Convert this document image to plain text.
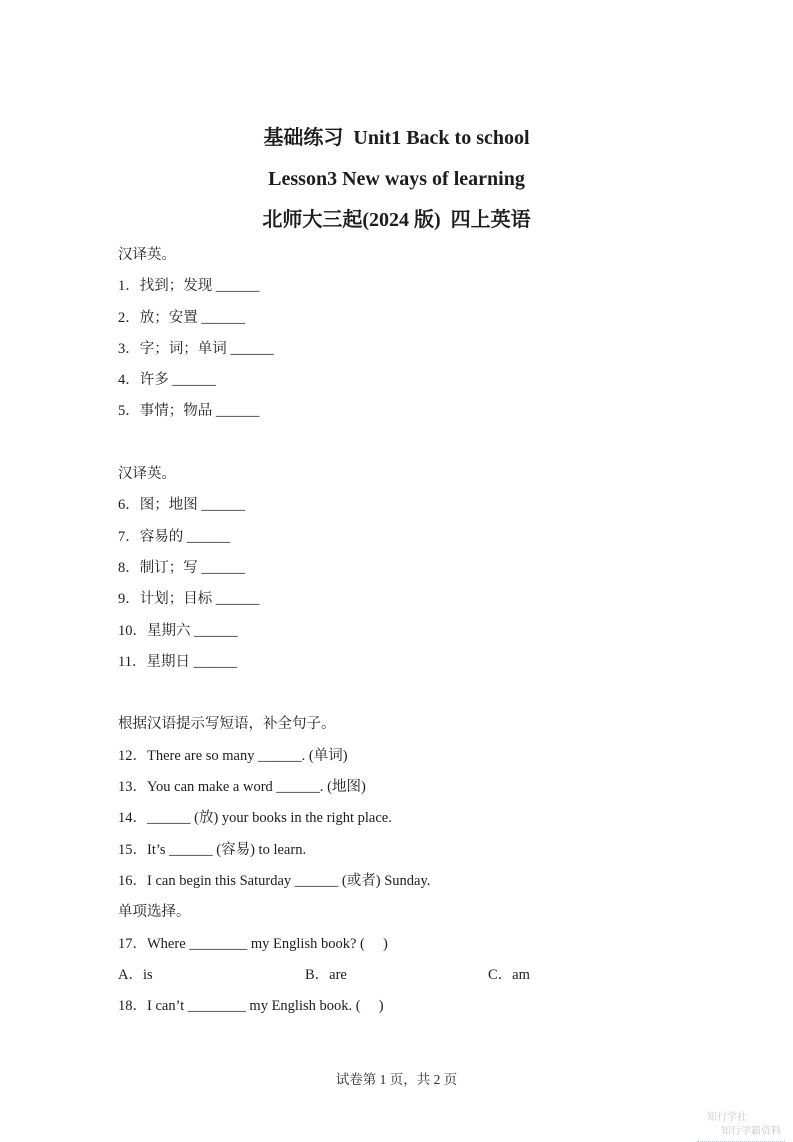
基础练习  Unit1 Back to school
Lesson3 New ways of learning
北师大三起(2024 版)  四上英语
汉译英。
1．找到；发现 ______
2．放；安置 ______
3．字；词；单词 ______
4．许多 ______
5．事情；物品 ______
汉译英。
6．图；地图 ______
7．容易的 ______
8．制订；写 ______
9．计划；目标 ______
10．星期六 ______
11．星期日 ______
根据汉语提示写短语，补全句子。
12．There are so many ______. (单词)
13．You can make a word ______. (地图)
14．______ (放) your books in the right place.
15．It’s ______ (容易) to learn.
16．I can begin this Saturday ______ (或者) Sunday.
单项选择。
17．Where ________ my English book? (     )
A．is	B．are	C．am
18．I can’t ________ my English book. (     )
试卷第 1 页，共 2 页

知行学社
知行学霸资料
